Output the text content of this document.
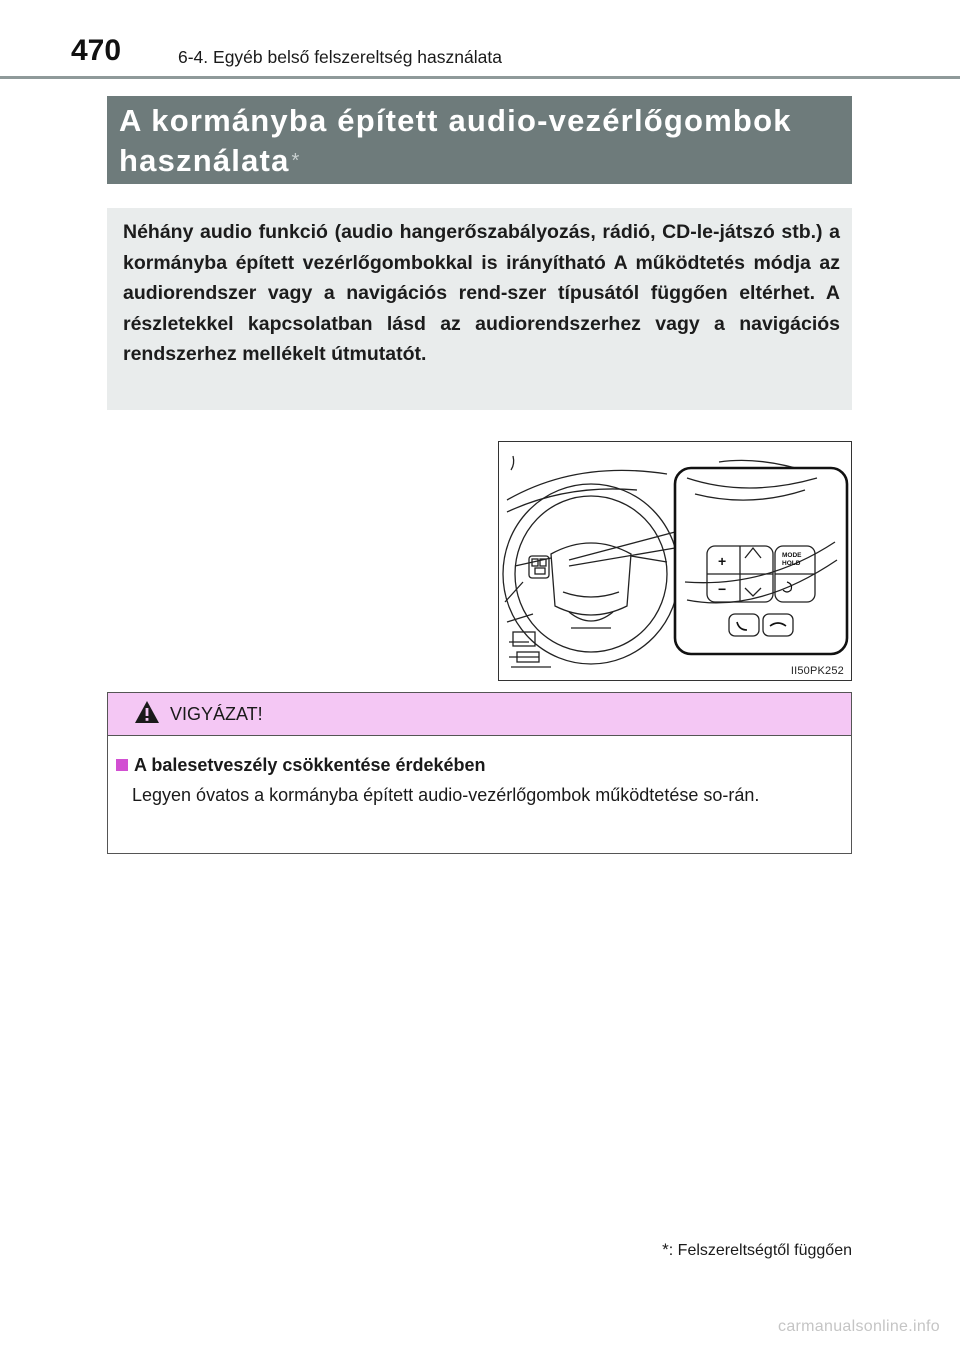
470	6-4. Egyéb belső felszereltség használata
A kormányba épített audio-vezérlőgombok
használata *
Néhány audio funkció (audio hangerőszabályozás, rádió, CD-le-játszó stb.) a kormányba épített vezérlőgombokkal is irányítható A működtetés módja az audiorendszer vagy a navigációs rend-szer típusától függően eltérhet. A részletekkel kapcsolatban lásd az audiorendszerhez vagy a navigációs rendszerhez mellékelt útmutatót.
+
−
MODE
HOLD
II50PK252
VIGYÁZAT!
A balesetveszély csökkentése érdekében
Legyen óvatos a kormányba épített audio-vezérlőgombok működtetése so-rán.
*: Felszereltségtől függően
carmanualsonline.info
